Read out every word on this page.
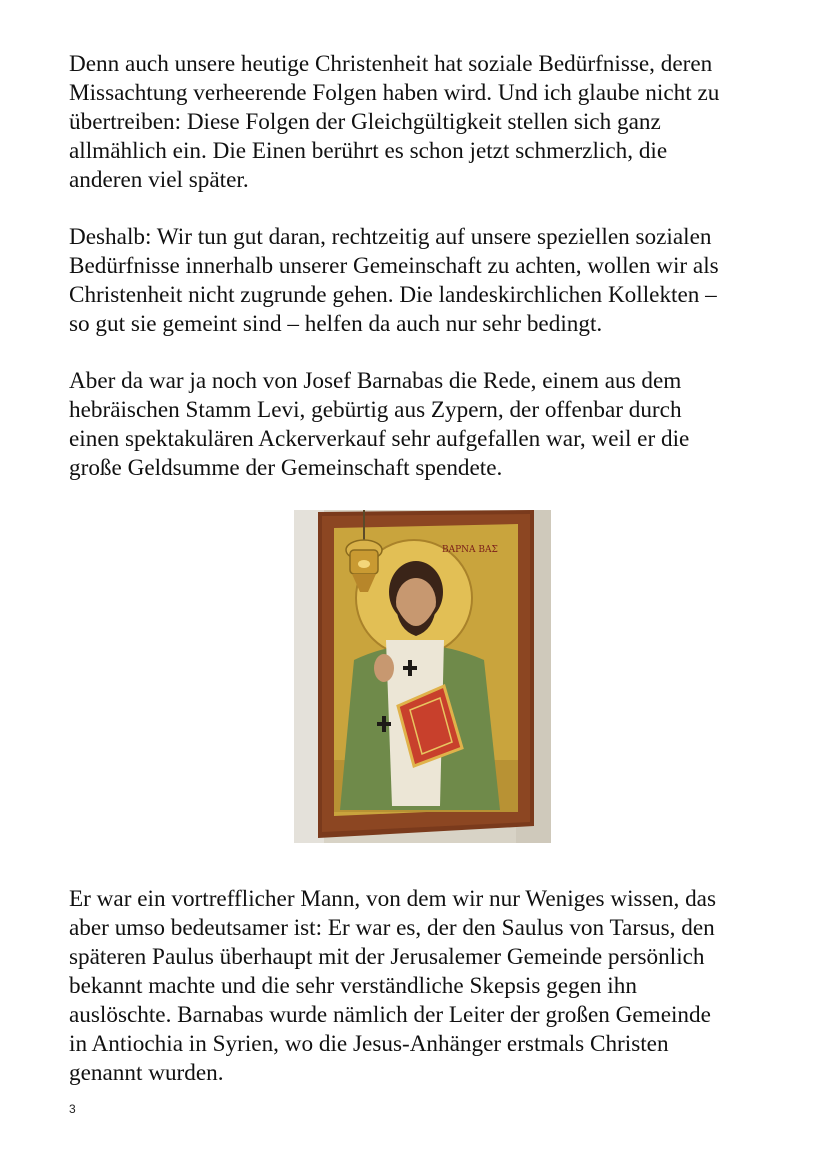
Denn auch unsere heutige Christenheit hat soziale Bedürfnisse, deren
Missachtung verheerende Folgen haben wird. Und ich glaube nicht zu
übertreiben: Diese Folgen der Gleichgültigkeit stellen sich ganz
allmählich ein. Die Einen berührt es schon jetzt schmerzlich, die
anderen viel später.
Deshalb: Wir tun gut daran, rechtzeitig auf unsere speziellen sozialen
Bedürfnisse innerhalb unserer Gemeinschaft zu achten, wollen wir als
Christenheit nicht zugrunde gehen. Die landeskirchlichen Kollekten –
so gut sie gemeint sind – helfen da auch nur sehr bedingt.
Aber da war ja noch von Josef Barnabas die Rede, einem aus dem
hebräischen Stamm Levi, gebürtig aus Zypern, der offenbar durch
einen spektakulären Ackerverkauf sehr aufgefallen war, weil er die
große Geldsumme der Gemeinschaft spendete.
ΒΑΡΝΑ ΒΑΣ
Er war ein vortrefflicher Mann, von dem wir nur Weniges wissen, das
aber umso bedeutsamer ist: Er war es, der den Saulus von Tarsus, den
späteren Paulus überhaupt mit der Jerusalemer Gemeinde persönlich
bekannt machte und die sehr verständliche Skepsis gegen ihn
auslöschte. Barnabas wurde nämlich der Leiter der großen Gemeinde
in Antiochia in Syrien, wo die Jesus-Anhänger erstmals Christen
genannt wurden.
3
